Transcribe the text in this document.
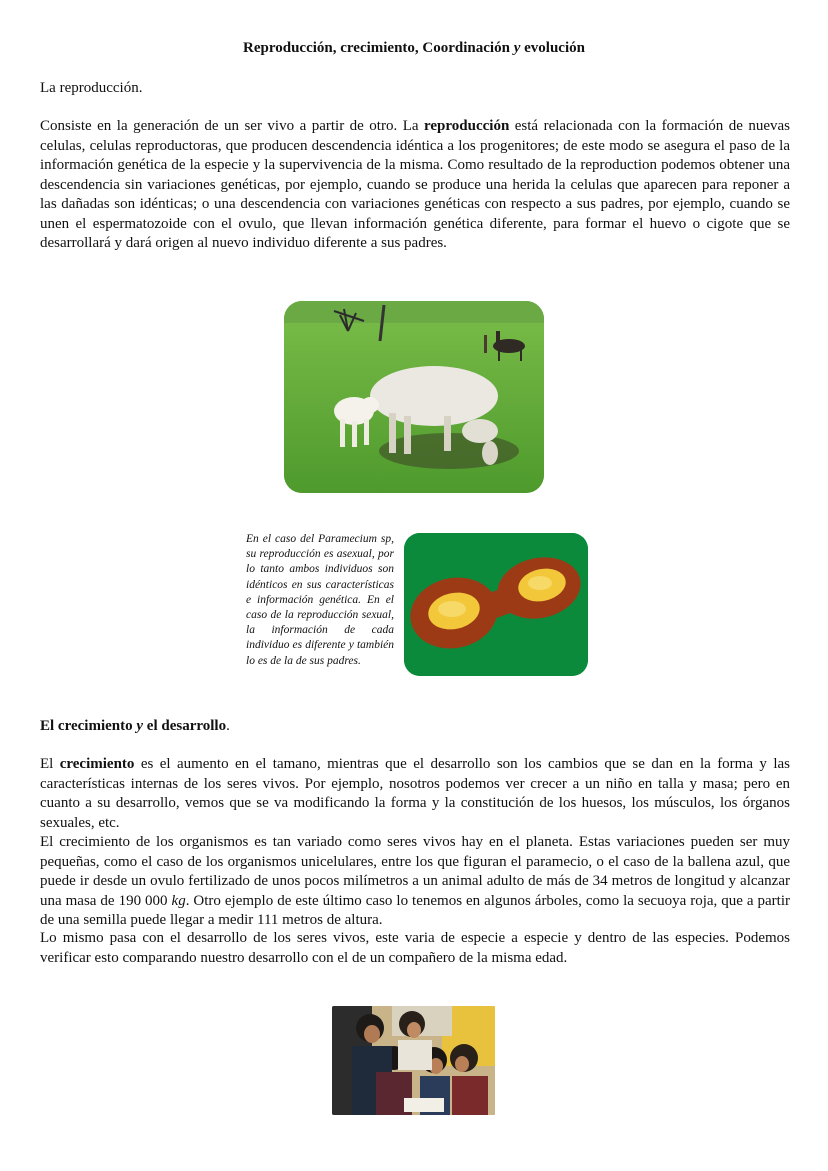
Reproducción, crecimiento, Coordinación y evolución
La reproducción.

Consiste en la generación de un ser vivo a partir de otro. La reproducción está relacionada con la formación de nuevas celulas, celulas reproductoras, que producen descendencia idéntica a los progenitores; de este modo se asegura el paso de la información genética de la especie y la supervivencia de la misma. Como resultado de la reproduction podemos obtener una descendencia sin variaciones genéticas, por ejemplo, cuando se produce una herida la celulas que aparecen para reponer a las dañadas son idénticas; o una descendencia con variaciones genéticas con respecto a sus padres, por ejemplo, cuando se unen el espermatozoide con el ovulo, que llevan información genética diferente, para formar el huevo o cigote que se desarrollará y dará origen al nuevo individuo diferente a sus padres.

En el caso del Paramecium sp, su reproducción es asexual, por lo tanto ambos individuos son idénticos en sus características e información genética. En el caso de la reproducción sexual, la información de cada individuo es diferente y también lo es de la de sus padres.

El crecimiento y el desarrollo.

El crecimiento es el aumento en el tamano, mientras que el desarrollo son los cambios que se dan en la forma y las características internas de los seres vivos. Por ejemplo, nosotros podemos ver crecer a un niño en talla y masa; pero en cuanto a su desarrollo, vemos que se va modificando la forma y la constitución de los huesos, los músculos, los órganos sexuales, etc.

El crecimiento de los organismos es tan variado como seres vivos hay en el planeta. Estas variaciones pueden ser muy pequeñas, como el caso de los organismos unicelulares, entre los que figuran el paramecio, o el caso de la ballena azul, que puede ir desde un ovulo fertilizado de unos pocos milímetros a un animal adulto de más de 34 metros de longitud y alcanzar una masa de 190 000 kg. Otro ejemplo de este último caso lo tenemos en algunos árboles, como la secuoya roja, que a partir de una semilla puede llegar a medir 111 metros de altura.

Lo mismo pasa con el desarrollo de los seres vivos, este varia de especie a especie y dentro de las especies. Podemos verificar esto comparando nuestro desarrollo con el de un compañero de la misma edad.
